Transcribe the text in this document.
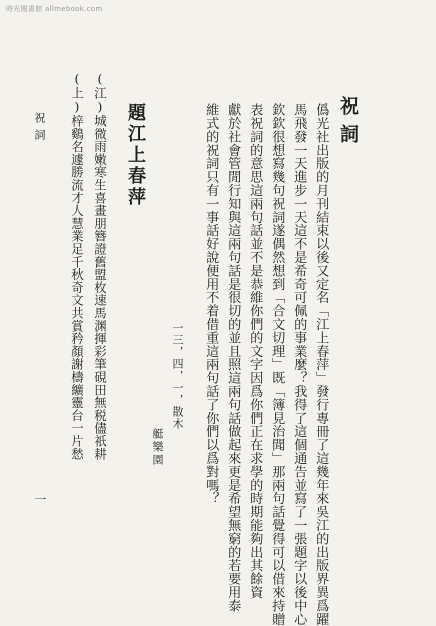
時光閱書館 allmebook.com
祝詞
僞光社出版的月刊結束以後又定名「江上春萍」發行專冊了這幾年來吳江的出版界異爲躍
馬飛發一天進步一天這不是希奇可佩的事業麼？我得了這個通告並寫了一張題字以後中心
欽欽很想寫幾句祝詞遂偶然想到「合文切理」既「簿見治聞」那兩句話覺得可以借來持贈
表祝詞的意思這兩句話並不是恭維你們的文字因爲你們正在求學的時期能夠出其餘資
獻於社會管閒行知與這兩句話是很切的並且照這兩句話做起來更是希望無窮的若要用泰
維式的祝詞只有一事話好說便用不着借重這兩句話了你們以爲對嗎？
一三，四，一，散木
艇樂園
題江上春萍
(江)城微雨嫩寒生喜畫朋簪證舊盟枚速馬渊揮彩筆硯田無税儘祇耕
(上)梓鷄名遽勝流才人慧業足千秋奇文共賞矜顏謝檮纊靈台一片愁
祝詞
一
